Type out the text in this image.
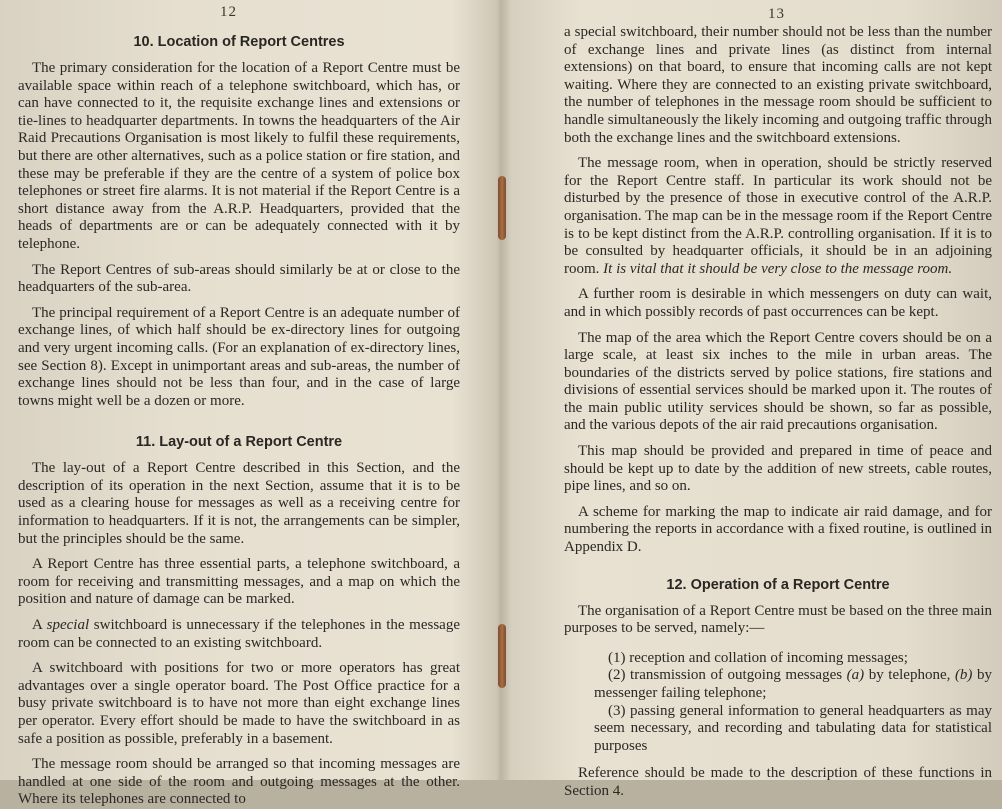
12
10. Location of Report Centres

The primary consideration for the location of a Report Centre must be available space within reach of a telephone switchboard, which has, or can have connected to it, the requisite exchange lines and extensions or tie-lines to headquarter departments. In towns the headquarters of the Air Raid Precautions Organisation is most likely to fulfil these requirements, but there are other alternatives, such as a police station or fire station, and these may be preferable if they are the centre of a system of police box telephones or street fire alarms. It is not material if the Report Centre is a short distance away from the A.R.P. Headquarters, provided that the heads of departments are or can be adequately connected with it by telephone.

The Report Centres of sub-areas should similarly be at or close to the headquarters of the sub-area.

The principal requirement of a Report Centre is an adequate number of exchange lines, of which half should be ex-directory lines for outgoing and very urgent incoming calls. (For an explanation of ex-directory lines, see Section 8). Except in unimportant areas and sub-areas, the number of exchange lines should not be less than four, and in the case of large towns might well be a dozen or more.

11. Lay-out of a Report Centre

The lay-out of a Report Centre described in this Section, and the description of its operation in the next Section, assume that it is to be used as a clearing house for messages as well as a receiving centre for information to headquarters. If it is not, the arrangements can be simpler, but the principles should be the same.

A Report Centre has three essential parts, a telephone switchboard, a room for receiving and transmitting messages, and a map on which the position and nature of damage can be marked.

A special switchboard is unnecessary if the telephones in the message room can be connected to an existing switchboard.

A switchboard with positions for two or more operators has great advantages over a single operator board. The Post Office practice for a busy private switchboard is to have not more than eight exchange lines per operator. Every effort should be made to have the switchboard in as safe a position as possible, preferably in a basement.

The message room should be arranged so that incoming messages are handled at one side of the room and outgoing messages at the other. Where its telephones are connected to

13

a special switchboard, their number should not be less than the number of exchange lines and private lines (as distinct from internal extensions) on that board, to ensure that incoming calls are not kept waiting. Where they are connected to an existing private switchboard, the number of telephones in the message room should be sufficient to handle simultaneously the likely incoming and outgoing traffic through both the exchange lines and the switchboard extensions.

The message room, when in operation, should be strictly reserved for the Report Centre staff. In particular its work should not be disturbed by the presence of those in executive control of the A.R.P. organisation. The map can be in the message room if the Report Centre is to be kept distinct from the A.R.P. controlling organisation. If it is to be consulted by headquarter officials, it should be in an adjoining room. It is vital that it should be very close to the message room.

A further room is desirable in which messengers on duty can wait, and in which possibly records of past occurrences can be kept.

The map of the area which the Report Centre covers should be on a large scale, at least six inches to the mile in urban areas. The boundaries of the districts served by police stations, fire stations and divisions of essential services should be marked upon it. The routes of the main public utility services should be shown, so far as possible, and the various depots of the air raid precautions organisation.

This map should be provided and prepared in time of peace and should be kept up to date by the addition of new streets, cable routes, pipe lines, and so on.

A scheme for marking the map to indicate air raid damage, and for numbering the reports in accordance with a fixed routine, is outlined in Appendix D.

12. Operation of a Report Centre

The organisation of a Report Centre must be based on the three main purposes to be served, namely:—

(1) reception and collation of incoming messages;

(2) transmission of outgoing messages (a) by telephone, (b) by messenger failing telephone;

(3) passing general information to general headquarters as may seem necessary, and recording and tabulating data for statistical purposes

Reference should be made to the description of these functions in Section 4.
